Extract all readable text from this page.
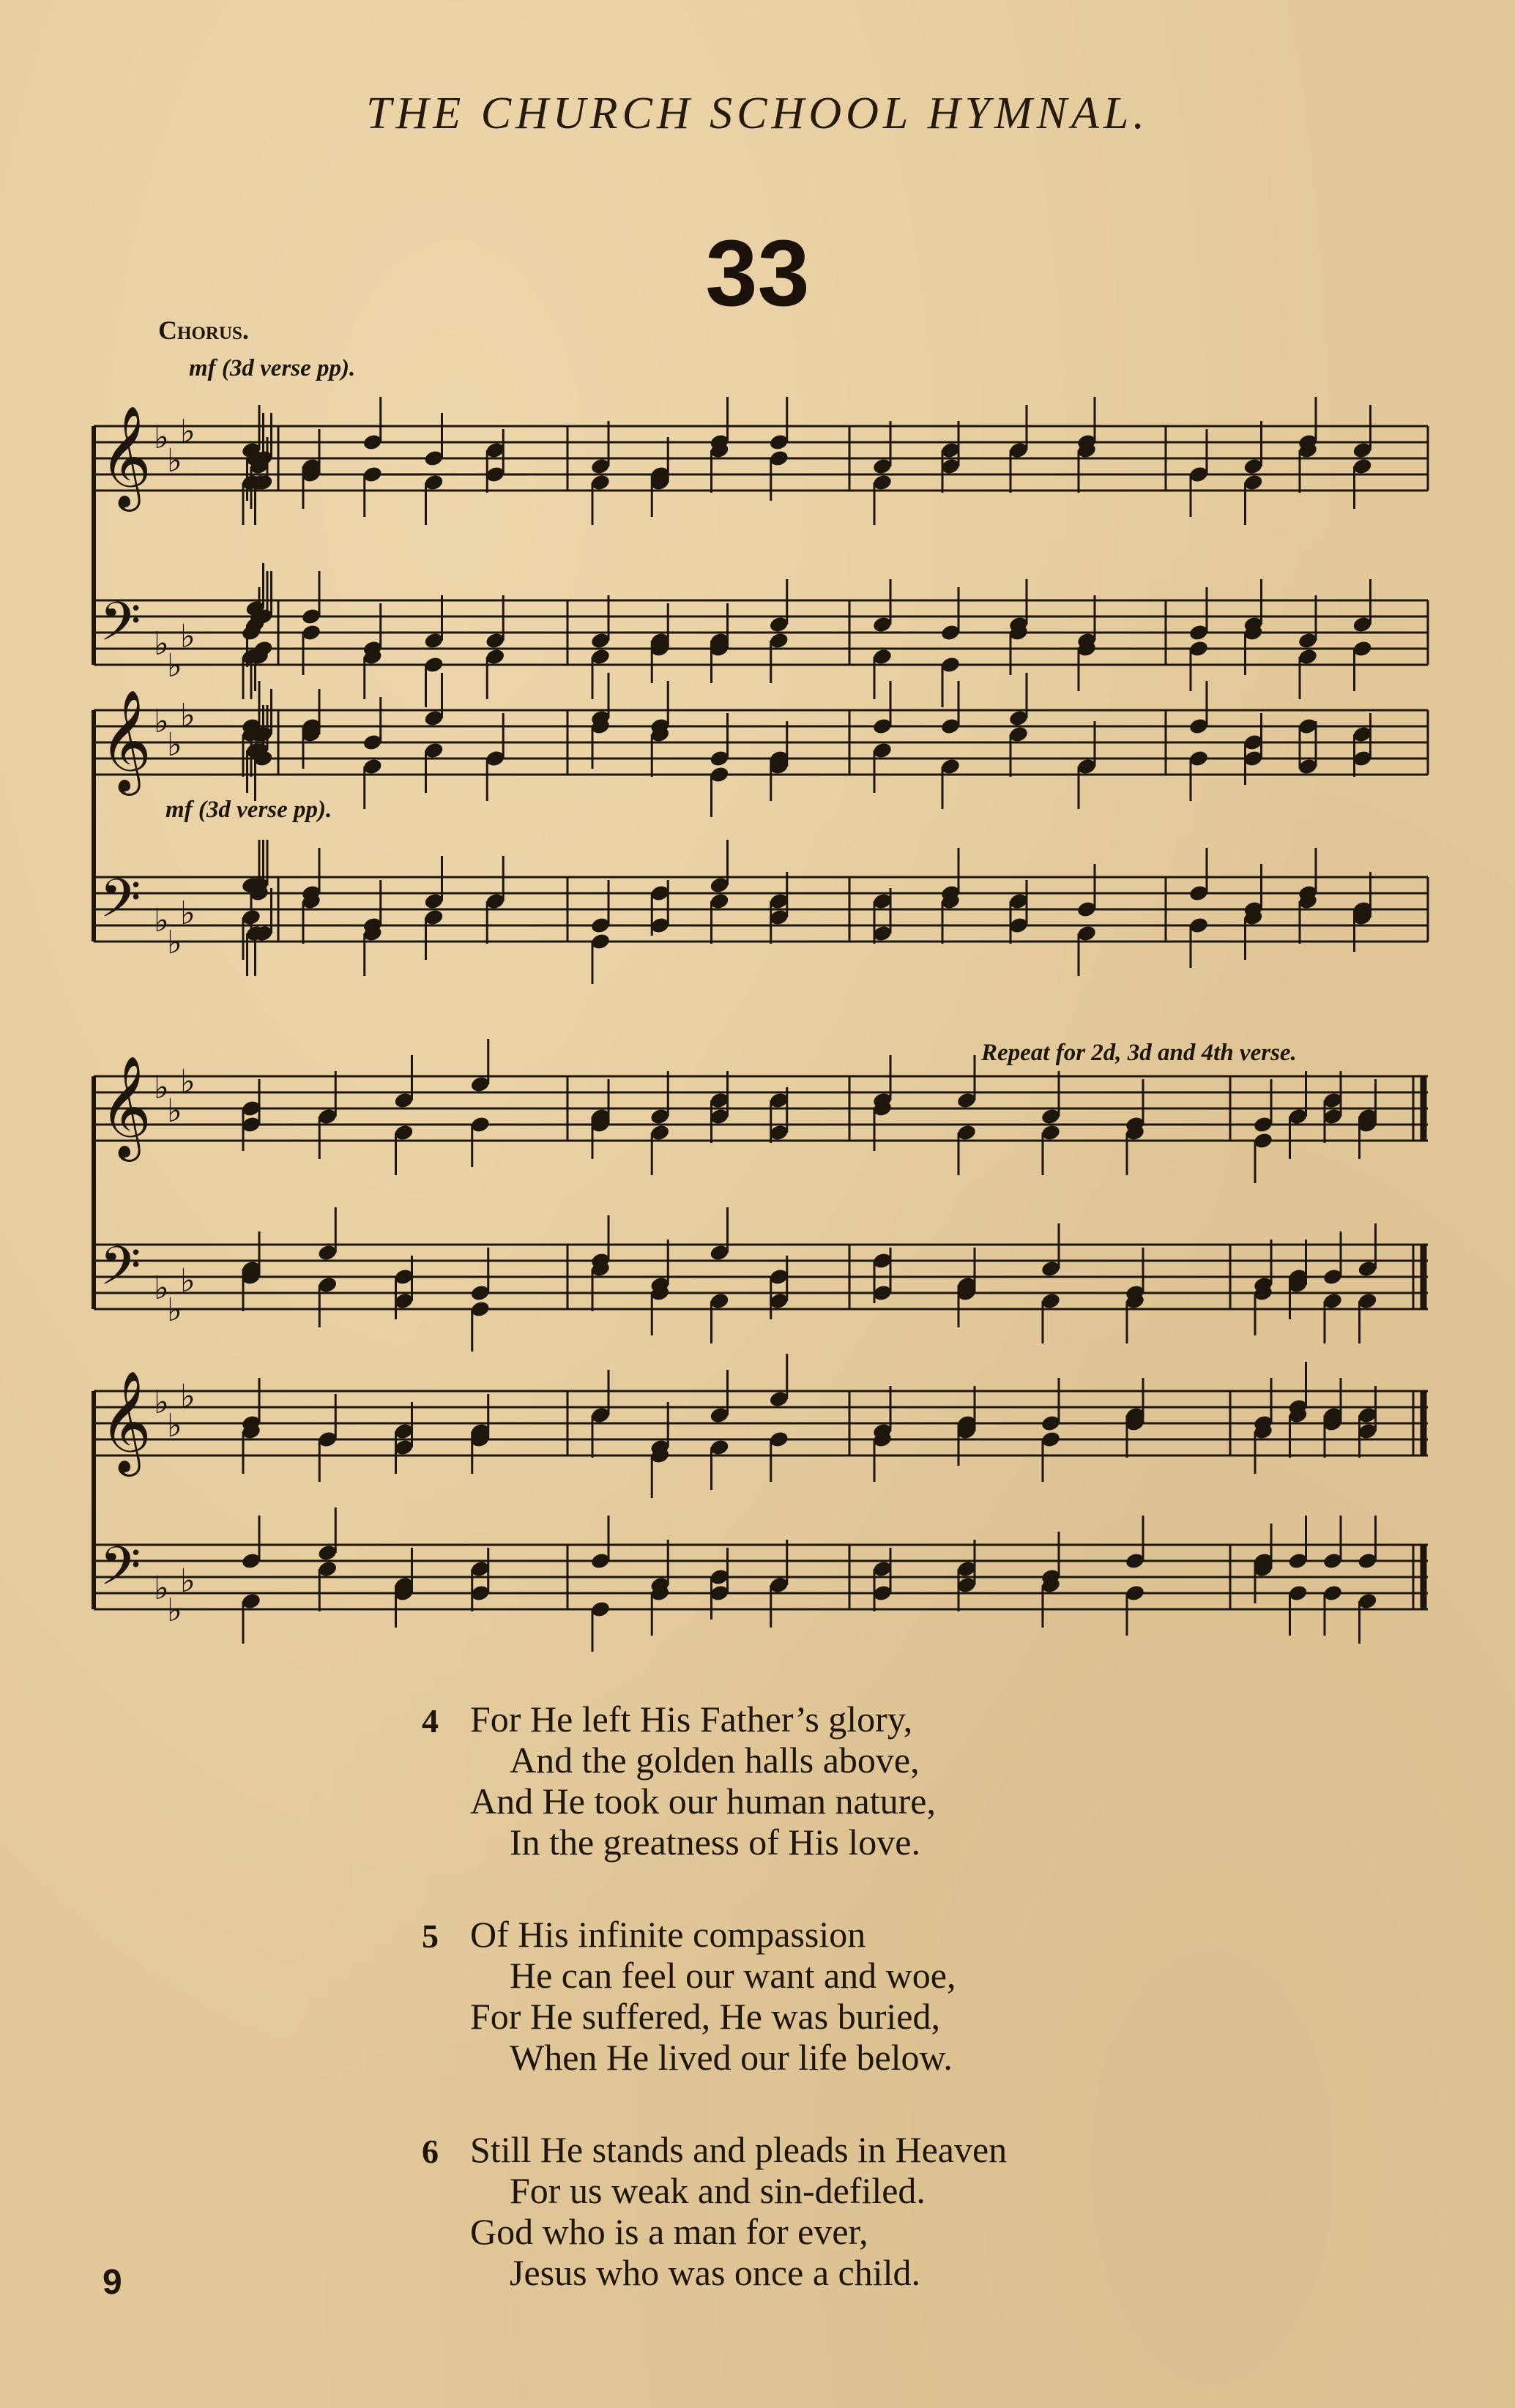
THE CHURCH SCHOOL HYMNAL.
33
Chorus.
mf (3d verse pp).
mf (3d verse pp).
Repeat for 2d, 3d and 4th verse.
𝄞 ♭
♭
♭
𝄢 ♭
♭
♭
𝄞 ♭
♭
♭
𝄢 ♭
♭
♭
𝄞 ♭
♭
♭
𝄢 ♭
♭
♭
𝄞 ♭
♭
♭
𝄢 ♭
♭
♭
4 For He left His Father’s glory,
And the golden halls above,
And He took our human nature,
In the greatness of His love.
5 Of His infinite compassion
He can feel our want and woe,
For He suffered, He was buried,
When He lived our life below.
6 Still He stands and pleads in Heaven
For us weak and sin-defiled.
God who is a man for ever,
Jesus who was once a child.
9
